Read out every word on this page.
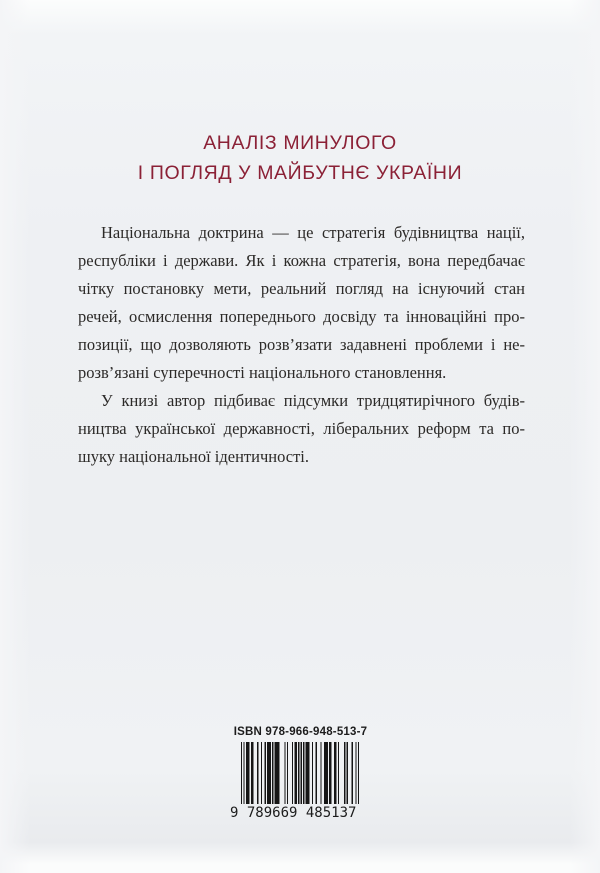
АНАЛІЗ МИНУЛОГО
І ПОГЛЯД У МАЙБУТНЄ УКРАЇНИ
Національна доктрина — це стратегія будівництва нації,
республіки і держави. Як і кожна стратегія, вона передбачає
чітку постановку мети, реальний погляд на існуючий стан
речей, осмислення попереднього досвіду та інноваційні про-
позиції, що дозволяють розв’язати задавнені проблеми і не-
розв’язані суперечності національного становлення.
У книзі автор підбиває підсумки тридцятирічного будів-
ництва української державності, ліберальних реформ та по-
шуку національної ідентичності.
ISBN 978-966-948-513-7
9 789669 485137
